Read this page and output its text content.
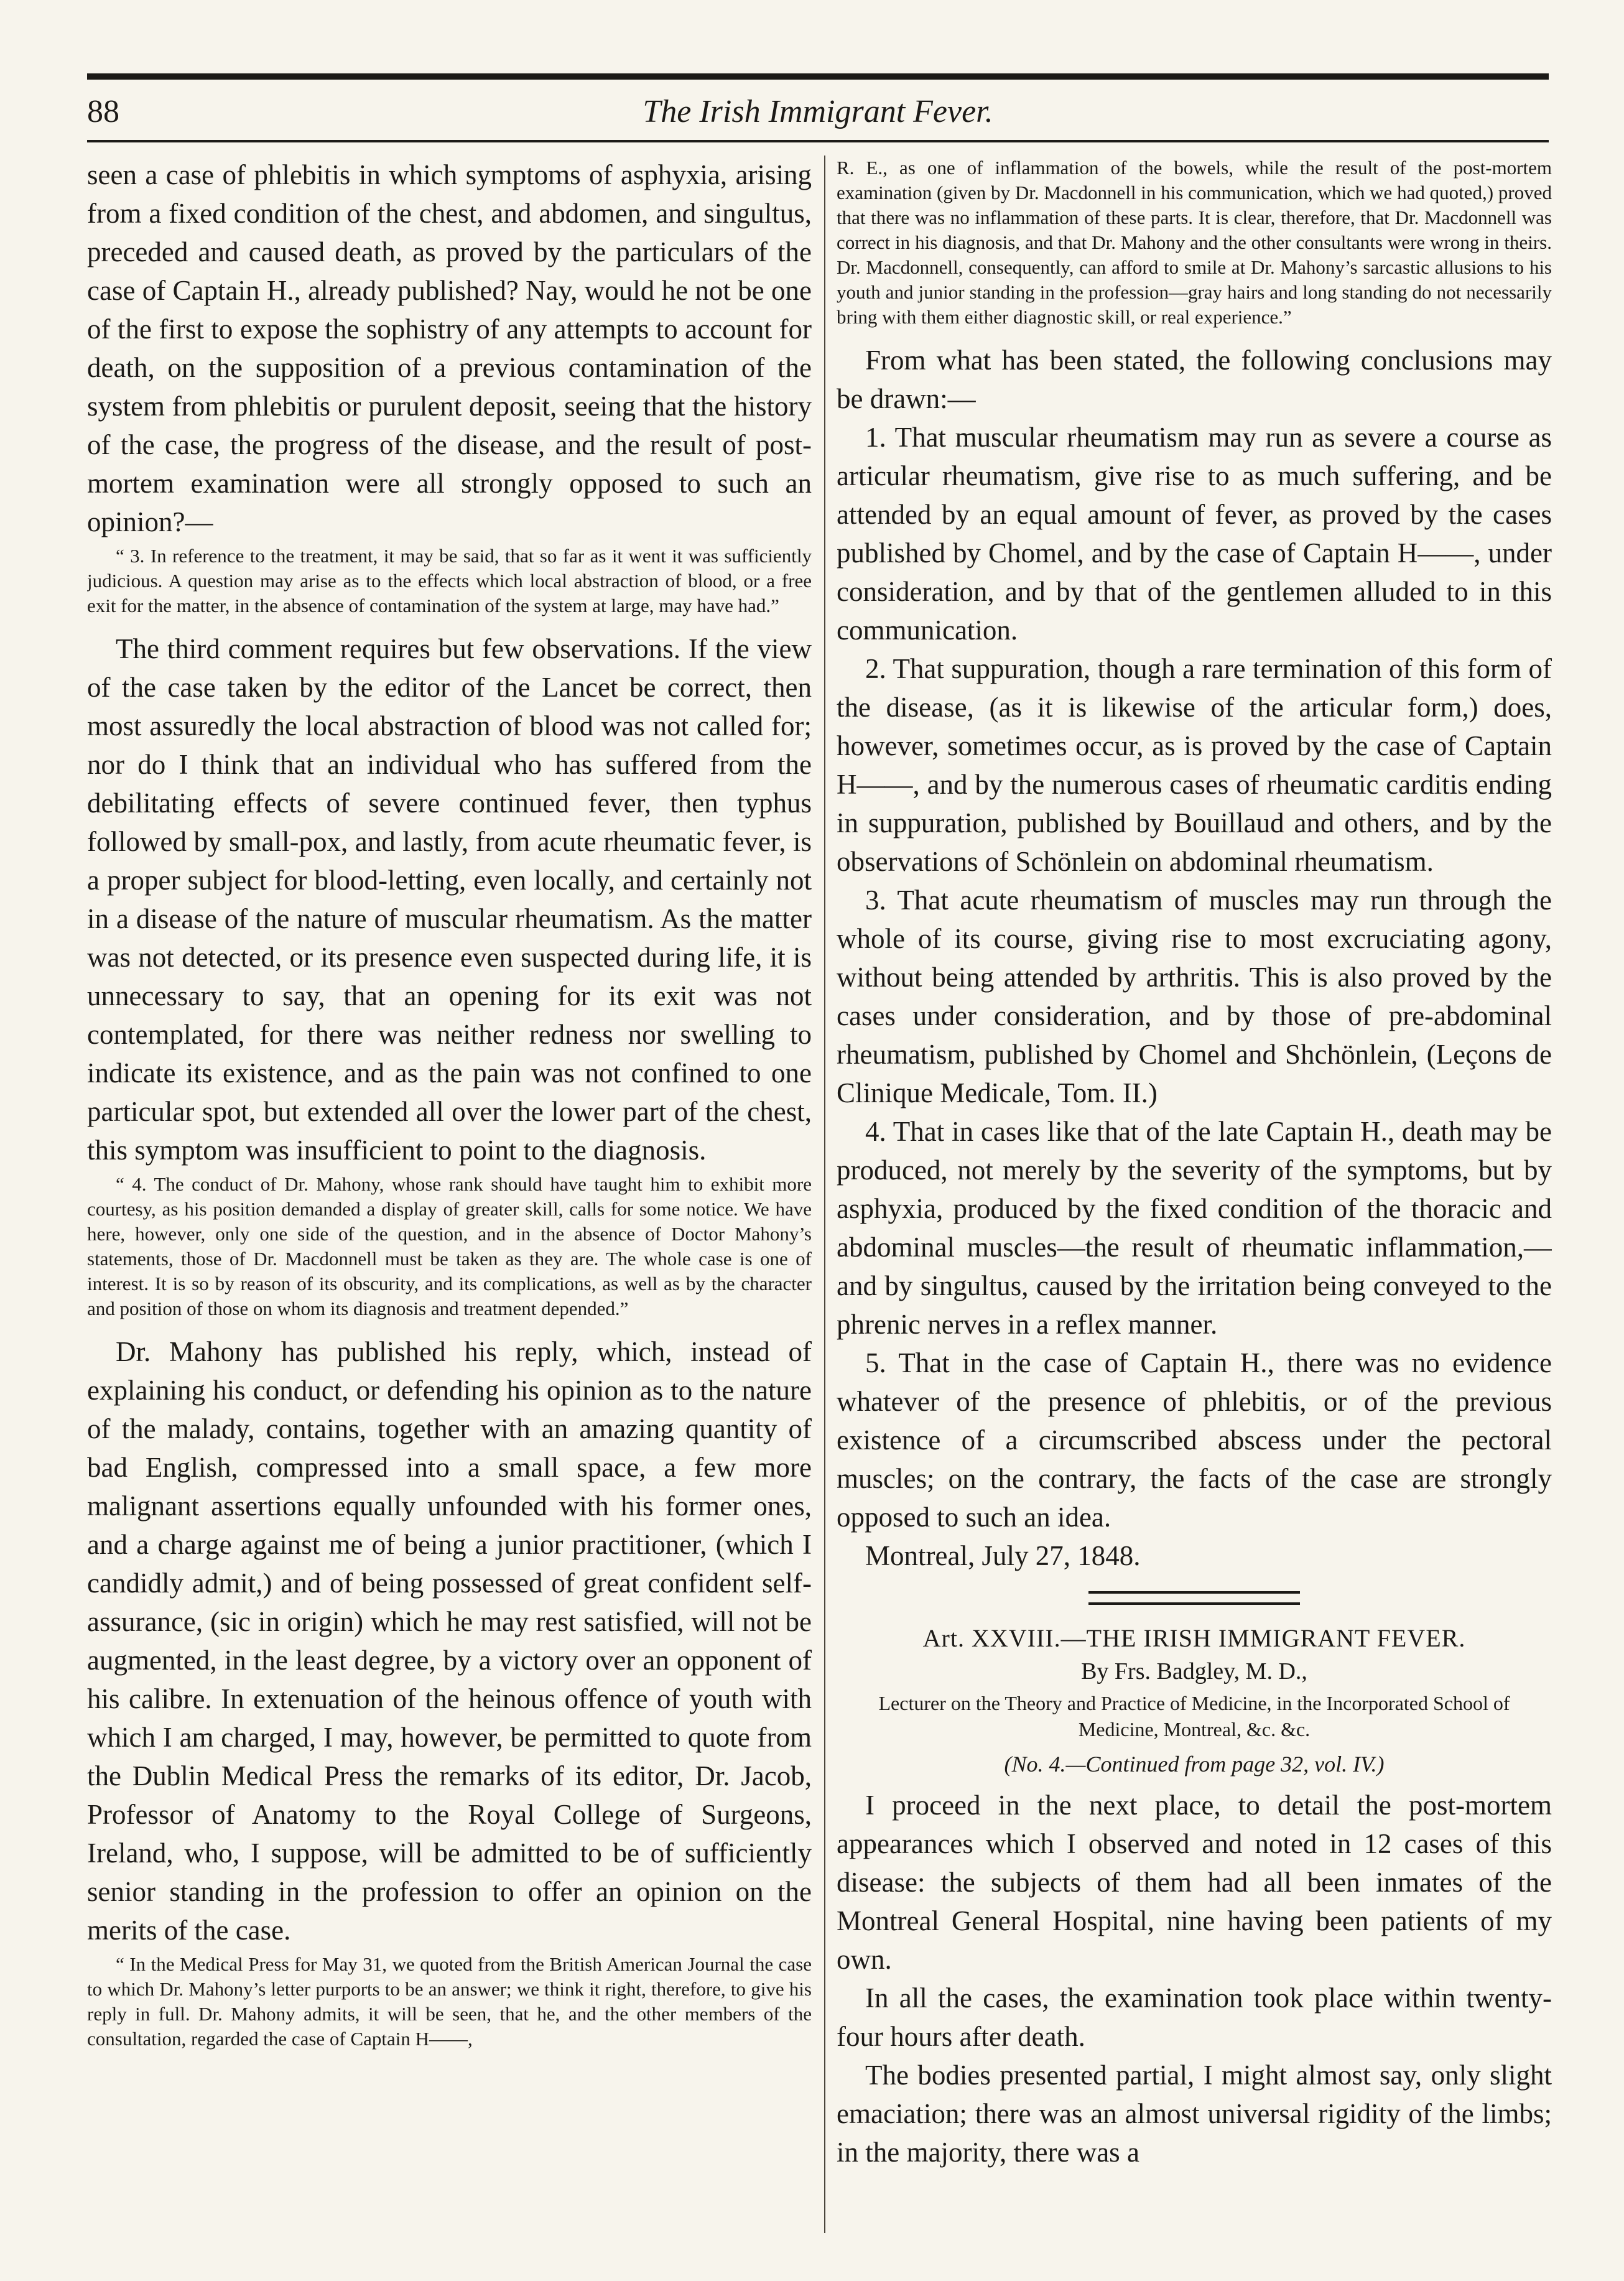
88	The Irish Immigrant Fever.

seen a case of phlebitis in which symptoms of asphyxia, arising from a fixed condition of the chest, and abdomen, and singultus, preceded and caused death, as proved by the particulars of the case of Captain H., already published? Nay, would he not be one of the first to expose the sophistry of any attempts to account for death, on the supposition of a previous contamination of the system from phlebitis or purulent deposit, seeing that the history of the case, the progress of the disease, and the result of post-mortem examination were all strongly opposed to such an opinion?—

“ 3. In reference to the treatment, it may be said, that so far as it went it was sufficiently judicious. A question may arise as to the effects which local abstraction of blood, or a free exit for the matter, in the absence of contamination of the system at large, may have had.”

The third comment requires but few observations. If the view of the case taken by the editor of the Lancet be correct, then most assuredly the local abstraction of blood was not called for; nor do I think that an individual who has suffered from the debilitating effects of severe continued fever, then typhus followed by small-pox, and lastly, from acute rheumatic fever, is a proper subject for blood-letting, even locally, and certainly not in a disease of the nature of muscular rheumatism. As the matter was not detected, or its presence even suspected during life, it is unnecessary to say, that an opening for its exit was not contemplated, for there was neither redness nor swelling to indicate its existence, and as the pain was not confined to one particular spot, but extended all over the lower part of the chest, this symptom was insufficient to point to the diagnosis.

“ 4. The conduct of Dr. Mahony, whose rank should have taught him to exhibit more courtesy, as his position demanded a display of greater skill, calls for some notice. We have here, however, only one side of the question, and in the absence of Doctor Mahony’s statements, those of Dr. Macdonnell must be taken as they are. The whole case is one of interest. It is so by reason of its obscurity, and its complications, as well as by the character and position of those on whom its diagnosis and treatment depended.”

Dr. Mahony has published his reply, which, instead of explaining his conduct, or defending his opinion as to the nature of the malady, contains, together with an amazing quantity of bad English, compressed into a small space, a few more malignant assertions equally unfounded with his former ones, and a charge against me of being a junior practitioner, (which I candidly admit,) and of being possessed of great confident self-assurance, (sic in origin) which he may rest satisfied, will not be augmented, in the least degree, by a victory over an opponent of his calibre. In extenuation of the heinous offence of youth with which I am charged, I may, however, be permitted to quote from the Dublin Medical Press the remarks of its editor, Dr. Jacob, Professor of Anatomy to the Royal College of Surgeons, Ireland, who, I suppose, will be admitted to be of sufficiently senior standing in the profession to offer an opinion on the merits of the case.

“ In the Medical Press for May 31, we quoted from the British American Journal the case to which Dr. Mahony’s letter purports to be an answer; we think it right, therefore, to give his reply in full. Dr. Mahony admits, it will be seen, that he, and the other members of the consultation, regarded the case of Captain H——,

R. E., as one of inflammation of the bowels, while the result of the post-mortem examination (given by Dr. Macdonnell in his communication, which we had quoted,) proved that there was no inflammation of these parts. It is clear, therefore, that Dr. Macdonnell was correct in his diagnosis, and that Dr. Mahony and the other consultants were wrong in theirs. Dr. Macdonnell, consequently, can afford to smile at Dr. Mahony’s sarcastic allusions to his youth and junior standing in the profession—gray hairs and long standing do not necessarily bring with them either diagnostic skill, or real experience.”

From what has been stated, the following conclusions may be drawn:—

1. That muscular rheumatism may run as severe a course as articular rheumatism, give rise to as much suffering, and be attended by an equal amount of fever, as proved by the cases published by Chomel, and by the case of Captain H——, under consideration, and by that of the gentlemen alluded to in this communication.

2. That suppuration, though a rare termination of this form of the disease, (as it is likewise of the articular form,) does, however, sometimes occur, as is proved by the case of Captain H——, and by the numerous cases of rheumatic carditis ending in suppuration, published by Bouillaud and others, and by the observations of Schönlein on abdominal rheumatism.

3. That acute rheumatism of muscles may run through the whole of its course, giving rise to most excruciating agony, without being attended by arthritis. This is also proved by the cases under consideration, and by those of pre-abdominal rheumatism, published by Chomel and Shchönlein, (Leçons de Clinique Medicale, Tom. II.)

4. That in cases like that of the late Captain H., death may be produced, not merely by the severity of the symptoms, but by asphyxia, produced by the fixed condition of the thoracic and abdominal muscles—the result of rheumatic inflammation,—and by singultus, caused by the irritation being conveyed to the phrenic nerves in a reflex manner.

5. That in the case of Captain H., there was no evidence whatever of the presence of phlebitis, or of the previous existence of a circumscribed abscess under the pectoral muscles; on the contrary, the facts of the case are strongly opposed to such an idea.

Montreal, July 27, 1848.

Art. XXVIII.—THE IRISH IMMIGRANT FEVER.

By Frs. Badgley, M. D.,

Lecturer on the Theory and Practice of Medicine, in the Incorporated School of Medicine, Montreal, &c. &c.

(No. 4.—Continued from page 32, vol. IV.)

I proceed in the next place, to detail the post-mortem appearances which I observed and noted in 12 cases of this disease: the subjects of them had all been inmates of the Montreal General Hospital, nine having been patients of my own.

In all the cases, the examination took place within twenty-four hours after death.

The bodies presented partial, I might almost say, only slight emaciation; there was an almost universal rigidity of the limbs; in the majority, there was a
